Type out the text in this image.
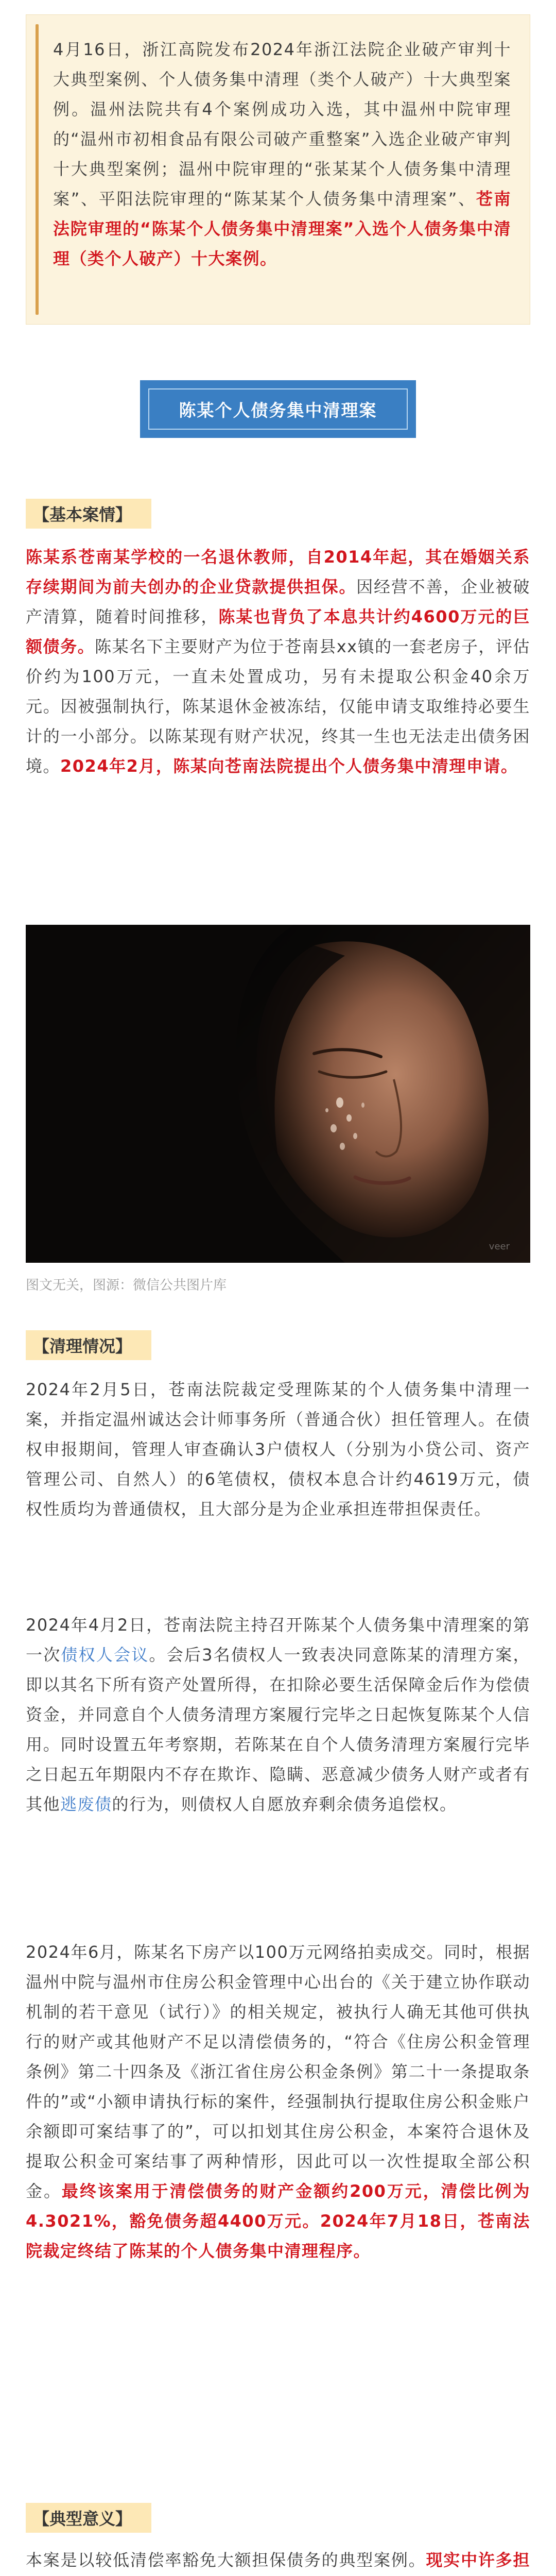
4月16日，浙江高院发布2024年浙江法院企业破产审判十大典型案例、个人债务集中清理（类个人破产）十大典型案例。温州法院共有4个案例成功入选，其中温州中院审理的“温州市初相食品有限公司破产重整案”入选企业破产审判十大典型案例；温州中院审理的“张某某个人债务集中清理案”、平阳法院审理的“陈某某个人债务集中清理案”、苍南法院审理的“陈某个人债务集中清理案”入选个人债务集中清理（类个人破产）十大案例。
陈某个人债务集中清理案
【基本案情】

陈某系苍南某学校的一名退休教师，自2014年起，其在婚姻关系存续期间为前夫创办的企业贷款提供担保。因经营不善，企业被破产清算，随着时间推移，陈某也背负了本息共计约4600万元的巨额债务。陈某名下主要财产为位于苍南县xx镇的一套老房子，评估价约为100万元，一直未处置成功，另有未提取公积金40余万元。因被强制执行，陈某退休金被冻结，仅能申请支取维持必要生计的一小部分。以陈某现有财产状况，终其一生也无法走出债务困境。2024年2月，陈某向苍南法院提出个人债务集中清理申请。

veer
图文无关，图源：微信公共图片库
【清理情况】

2024年2月5日，苍南法院裁定受理陈某的个人债务集中清理一案，并指定温州诚达会计师事务所（普通合伙）担任管理人。在债权申报期间，管理人审查确认3户债权人（分别为小贷公司、资产管理公司、自然人）的6笔债权，债权本息合计约4619万元，债权性质均为普通债权，且大部分是为企业承担连带担保责任。

2024年4月2日，苍南法院主持召开陈某个人债务集中清理案的第一次债权人会议。会后3名债权人一致表决同意陈某的清理方案，即以其名下所有资产处置所得，在扣除必要生活保障金后作为偿债资金，并同意自个人债务清理方案履行完毕之日起恢复陈某个人信用。同时设置五年考察期，若陈某在自个人债务清理方案履行完毕之日起五年期限内不存在欺诈、隐瞒、恶意减少债务人财产或者有其他逃废债的行为，则债权人自愿放弃剩余债务追偿权。

2024年6月，陈某名下房产以100万元网络拍卖成交。同时，根据温州中院与温州市住房公积金管理中心出台的《关于建立协作联动机制的若干意见（试行）》的相关规定，被执行人确无其他可供执行的财产或其他财产不足以清偿债务的，“符合《住房公积金管理条例》第二十四条及《浙江省住房公积金条例》第二十一条提取条件的”或“小额申请执行标的案件，经强制执行提取住房公积金账户余额即可案结事了的”，可以扣划其住房公积金，本案符合退休及提取公积金可案结事了两种情形，因此可以一次性提取全部公积金。最终该案用于清偿债务的财产金额约200万元，清偿比例为4.3021%，豁免债务超4400万元。2024年7月18日，苍南法院裁定终结了陈某的个人债务集中清理程序。

【典型意义】

本案是以较低清偿率豁免大额担保债务的典型案例。现实中许多担
